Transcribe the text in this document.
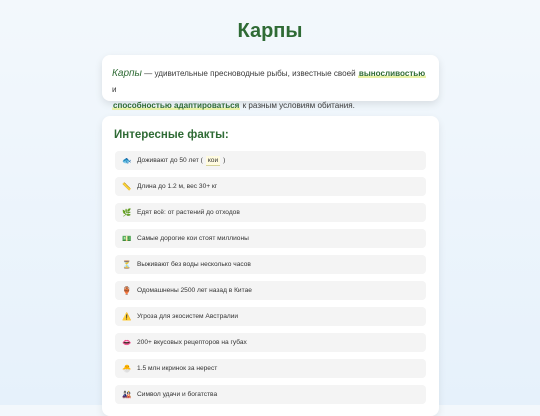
Карпы
Карпы — удивительные пресноводные рыбы, известные своей выносливостью и
способностью адаптироваться к разным условиям обитания.
Интересные факты:
🐟 Доживают до 50 лет ( кои )
📏 Длина до 1.2 м, вес 30+ кг
🌿 Едят всё: от растений до отходов
💵 Самые дорогие кои стоят миллионы
⏳ Выживают без воды несколько часов
🏺 Одомашнены 2500 лет назад в Китае
⚠️ Угроза для экосистем Австралии
👄 200+ вкусовых рецепторов на губах
🐣 1.5 млн икринок за нерест
🎎 Символ удачи и богатства
